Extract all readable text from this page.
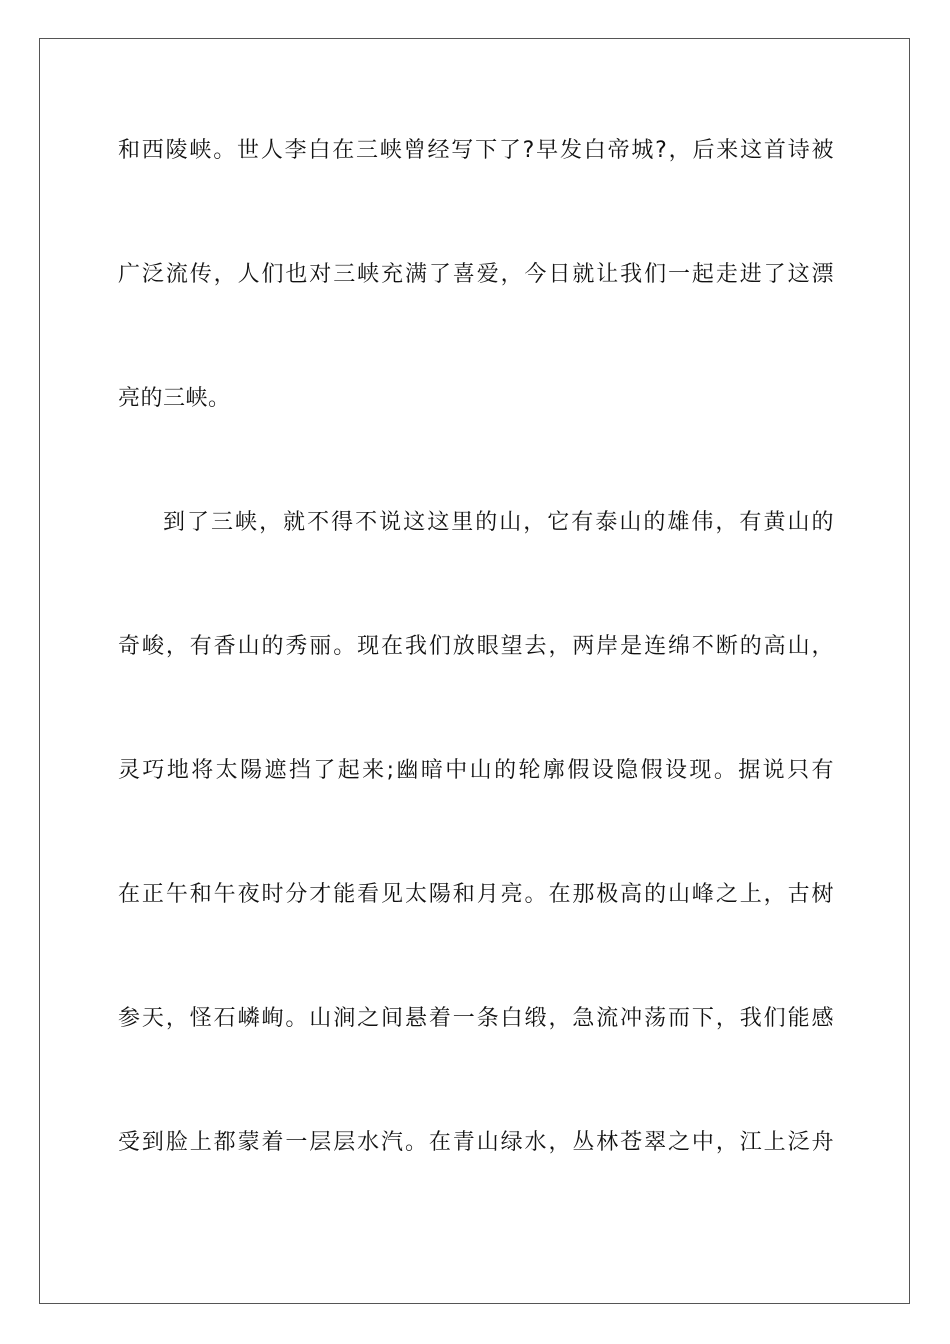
和西陵峡。世人李白在三峡曾经写下了?早发白帝城?，后来这首诗被

广泛流传，人们也对三峡充满了喜爱，今日就让我们一起走进了这漂

亮的三峡。

到了三峡，就不得不说这这里的山，它有泰山的雄伟，有黄山的

奇峻，有香山的秀丽。现在我们放眼望去，两岸是连绵不断的高山，

灵巧地将太陽遮挡了起来;幽暗中山的轮廓假设隐假设现。据说只有

在正午和午夜时分才能看见太陽和月亮。在那极高的山峰之上，古树

参天，怪石嶙峋。山涧之间悬着一条白缎，急流冲荡而下，我们能感

受到脸上都蒙着一层层水汽。在青山绿水，丛林苍翠之中，江上泛舟
